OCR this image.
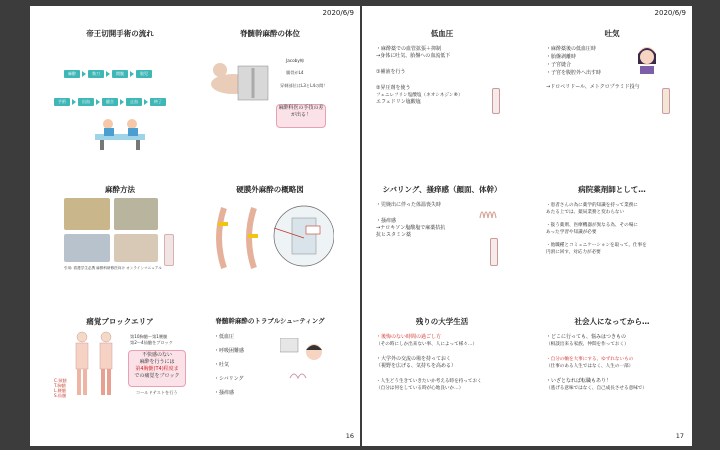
2020/6/9
帝王切開手術の流れ
麻酔	執刀	開腹	胎児
手術	出血	縫合	止血	終了
脊髄幹麻酔の体位
Jacoby線
腸骨がL4
穿刺部位はL3とL4の間！
麻酔科医の手技の差が出る！
麻酔方法
引用: 看護学生必携 麻酔科研修医向け オンラインマニュアル
硬膜外麻酔の概略図
痛覚ブロックエリア
第10胸髄〜第1腰髄
第2〜4仙髄をブロック
不快感のない
麻酔を行うには
第4胸髄(T4)程度ま
での痛覚をブロック
C.頸髄
T.胸髄
L.腰髄
S.仙髄
コールドテストを行う
脊髄幹麻酔のトラブルシューティング
・低血圧
・呼吸困難感
・吐気
・シバリング
・掻痒感
16
2020/6/9
低血圧
・麻酔薬での血管拡張＋抑制
→身体に吐気、胎盤への血流低下
①補液を行う
②昇圧剤を使う
フェニレフリン塩酸塩（ネオシネジン®）
エフェドリン塩酸塩
吐気
・麻酔薬後の低血圧時
・胎盤剥離時
・子宮縫合
・子宮を腹腔外へ出す時
→ドロペリドール、メトクロプラミド投与
シバリング、掻痒感（顔面、体幹）
・児娩出に伴った体温喪失時
・掻痒感
→ナロキソン塩酸塩で麻薬拮抗
抗ヒスタミン薬
病院薬剤師として…
・患者さんの為に薬学的知識を持って業務に
あたる上では、薬局業務と変わらない
・扱う薬剤、医療機器が異なる為、その場に
あった学習や知識が必要
・他職種とコミュニケーションを取って、仕事を
円滑に回す、対応力が必要
残りの大学生活
・後悔のない時間の過ごし方
（その時にしか出来ない事、人によって様々…）
・大学外の交流の場を持っておく
（視野を広げる、気持ちを高める）
・人生どう生きていきたいか考える時を持っておく
（自分は何をしている時が心地良いか…）
社会人になってから…
・どこに行っても、悩みはつきもの
（相談出来る家族、仲間を作っておく）
・自分の軸を大事にする、ゆずれないもの
（仕事のある人生ではなく、人生の一部）
・いざとなれば転職もあり！
（逃げる意味ではなく、自己成長させる意味で）
17
